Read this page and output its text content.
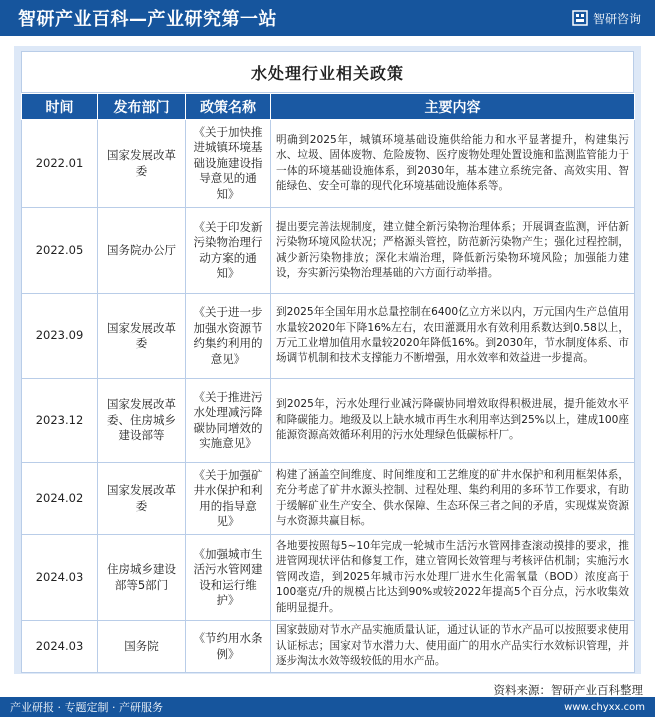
智研产业百科—产业研究第一站	智研咨询
水处理行业相关政策
时间	发布部门	政策名称	主要内容
2022.01	国家发展改革委	《关于加快推进城镇环境基础设施建设指导意见的通知》	明确到2025年，城镇环境基础设施供给能力和水平显著提升，构建集污水、垃圾、固体废物、危险废物、医疗废物处理处置设施和监测监管能力于一体的环境基础设施体系，到2030年，基本建立系统完备、高效实用、智能绿色、安全可靠的现代化环境基础设施体系等。
2022.05	国务院办公厅	《关于印发新污染物治理行动方案的通知》	提出要完善法规制度，建立健全新污染物治理体系；开展调查监测，评估新污染物环境风险状况；严格源头管控，防范新污染物产生；强化过程控制，减少新污染物排放；深化末端治理，降低新污染物环境风险；加强能力建设，夯实新污染物治理基础的六方面行动举措。
2023.09	国家发展改革委	《关于进一步加强水资源节约集约利用的意见》	到2025年全国年用水总量控制在6400亿立方米以内，万元国内生产总值用水量较2020年下降16%左右，农田灌溉用水有效利用系数达到0.58以上，万元工业增加值用水量较2020年降低16%。到2030年，节水制度体系、市场调节机制和技术支撑能力不断增强，用水效率和效益进一步提高。
2023.12	国家发展改革委、住房城乡建设部等	《关于推进污水处理减污降碳协同增效的实施意见》	到2025年，污水处理行业减污降碳协同增效取得积极进展，提升能效水平和降碳能力。地级及以上缺水城市再生水利用率达到25%以上，建成100座能源资源高效循环利用的污水处理绿色低碳标杆厂。
2024.02	国家发展改革委	《关于加强矿井水保护和利用的指导意见》	构建了涵盖空间维度、时间维度和工艺维度的矿井水保护和利用框架体系，充分考虑了矿井水源头控制、过程处理、集约利用的多环节工作要求，有助于缓解矿业生产安全、供水保障、生态环保三者之间的矛盾，实现煤炭资源与水资源共赢目标。
2024.03	住房城乡建设部等5部门	《加强城市生活污水管网建设和运行维护》	各地要按照每5~10年完成一轮城市生活污水管网排查滚动摸排的要求，推进管网现状评估和修复工作，建立管网长效管理与考核评估机制；实施污水管网改造，到2025年城市污水处理厂进水生化需氧量（BOD）浓度高于100毫克/升的规模占比达到90%或较2022年提高5个百分点，污水收集效能明显提升。
2024.03	国务院	《节约用水条例》	国家鼓励对节水产品实施质量认证，通过认证的节水产品可以按照要求使用认证标志；国家对节水潜力大、使用面广的用水产品实行水效标识管理，并逐步淘汰水效等级较低的用水产品。
资料来源：智研产业百科整理
产业研报 · 专题定制 · 产研服务	www.chyxx.com
